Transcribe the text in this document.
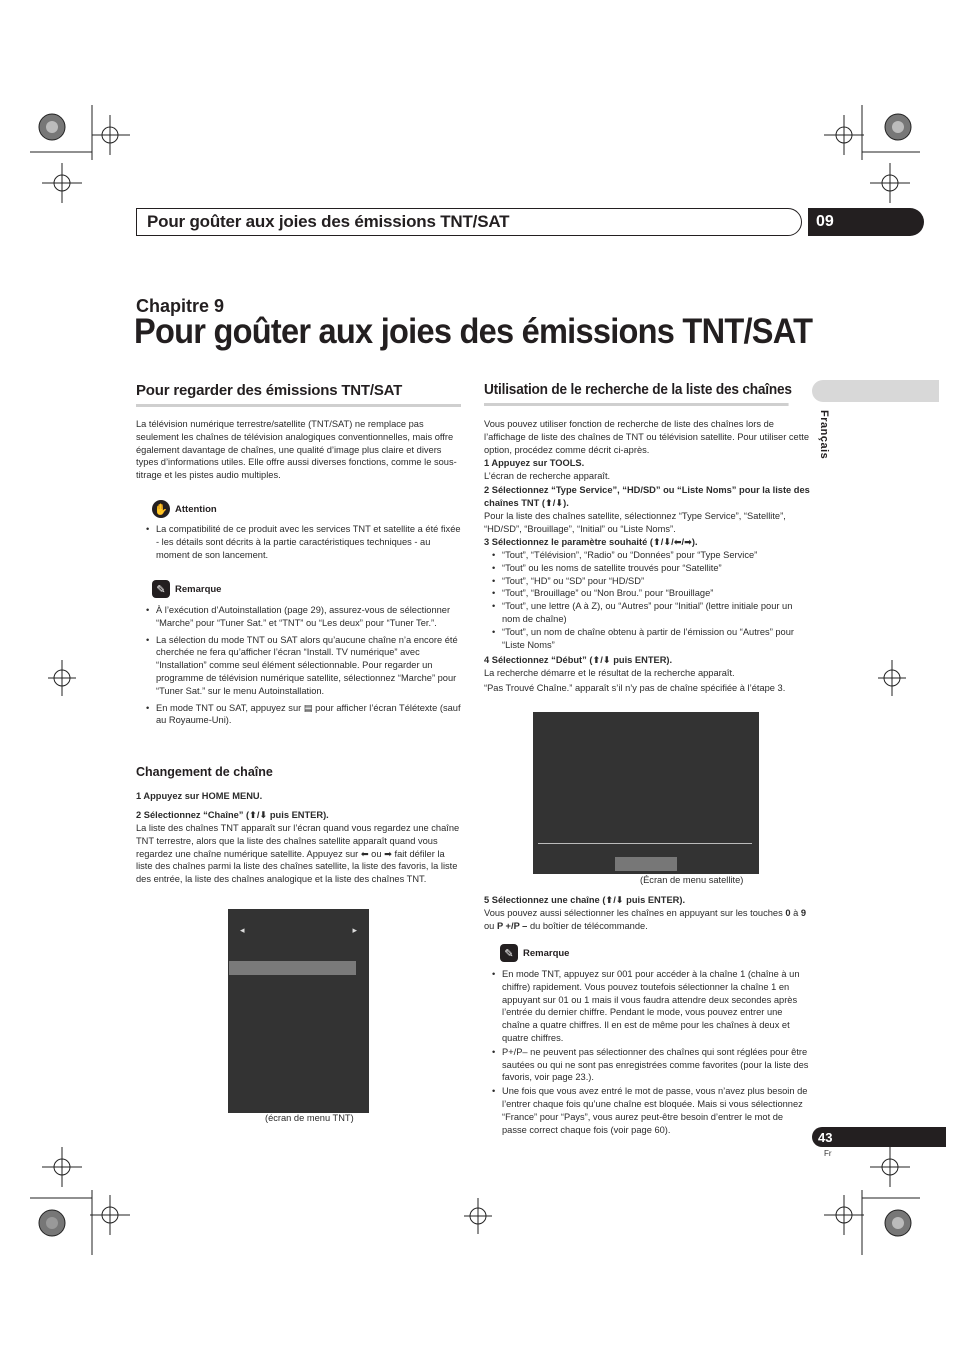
Pour goûter aux joies des émissions TNT/SAT	09
Chapitre 9
Pour goûter aux joies des émissions TNT/SAT
Français
Pour regarder des émissions TNT/SAT
La télévision numérique terrestre/satellite (TNT/SAT) ne remplace pas seulement les chaînes de télévision analogiques conventionnelles, mais offre également davantage de chaînes, une qualité d’image plus claire et divers types d’informations utiles. Elle offre aussi diverses fonctions, comme le sous-titrage et les pistes audio multiples.
✋ Attention
• La compatibilité de ce produit avec les services TNT et satellite a été fixée - les détails sont décrits à la partie caractéristiques techniques - au moment de son lancement.
✎ Remarque
• À l’exécution d’Autoinstallation (page 29), assurez-vous de sélectionner “Marche” pour “Tuner Sat.” et “TNT” ou “Les deux” pour “Tuner Ter.”.
• La sélection du mode TNT ou SAT alors qu’aucune chaîne n’a encore été cherchée ne fera qu’afficher l’écran “Install. TV numérique” avec “Installation” comme seul élément sélectionnable. Pour regarder un programme de télévision numérique satellite, sélectionnez “Marche” pour “Tuner Sat.” sur le menu Autoinstallation.
• En mode TNT ou SAT, appuyez sur ▤ pour afficher l’écran Télétexte (sauf au Royaume-Uni).
Changement de chaîne
1 Appuyez sur HOME MENU.
2 Sélectionnez “Chaîne” (⬆/⬇ puis ENTER).
La liste des chaînes TNT apparaît sur l’écran quand vous regardez une chaîne TNT terrestre, alors que la liste des chaînes satellite apparaît quand vous regardez une chaîne numérique satellite. Appuyez sur ⬅ ou ➡ fait défiler la liste des chaînes parmi la liste des chaînes satellite, la liste des favoris, la liste des entrée, la liste des chaînes analogique et la liste des chaînes TNT.
◂	▸
(écran de menu TNT)
Utilisation de le recherche de la liste des chaînes
Vous pouvez utiliser fonction de recherche de liste des chaînes lors de l’affichage de liste des chaînes de TNT ou télévision satellite. Pour utiliser cette option, procédez comme décrit ci-après.
1 Appuyez sur TOOLS.
L’écran de recherche apparaît.
2 Sélectionnez “Type Service”, “HD/SD” ou “Liste Noms” pour la liste des chaînes TNT (⬆/⬇).
Pour la liste des chaînes satellite, sélectionnez “Type Service”, “Satellite”, “HD/SD”, “Brouillage”, “Initial” ou “Liste Noms”.
3 Sélectionnez le paramètre souhaité (⬆/⬇/⬅/➡).
• “Tout”, “Télévision”, “Radio” ou “Données” pour “Type Service”
• “Tout” ou les noms de satellite trouvés pour “Satellite”
• “Tout”, “HD” ou “SD” pour “HD/SD”
• “Tout”, “Brouillage” ou “Non Brou.” pour “Brouillage”
• “Tout”, une lettre (A à Z), ou “Autres” pour “Initial” (lettre initiale pour un nom de chaîne)
• “Tout”, un nom de chaîne obtenu à partir de l’émission ou “Autres” pour “Liste Noms”
4 Sélectionnez “Début” (⬆/⬇ puis ENTER).
La recherche démarre et le résultat de la recherche apparaît.
“Pas Trouvé Chaîne.” apparaît s’il n’y pas de chaîne spécifiée à l’étape 3.
(Écran de menu satellite)
5 Sélectionnez une chaîne (⬆/⬇ puis ENTER).
Vous pouvez aussi sélectionner les chaînes en appuyant sur les touches 0 à 9 ou P +/P – du boîtier de télécommande.
✎ Remarque
• En mode TNT, appuyez sur 001 pour accéder à la chaîne 1 (chaîne à un chiffre) rapidement. Vous pouvez toutefois sélectionner la chaîne 1 en appuyant sur 01 ou 1 mais il vous faudra attendre deux secondes après l’entrée du dernier chiffre. Pendant le mode, vous pouvez entrer une chaîne a quatre chiffres. Il en est de même pour les chaînes à deux et quatre chiffres.
• P+/P– ne peuvent pas sélectionner des chaînes qui sont réglées pour être sautées ou qui ne sont pas enregistrées comme favorites (pour la liste des favoris, voir page 23.).
• Une fois que vous avez entré le mot de passe, vous n’avez plus besoin de l’entrer chaque fois qu’une chaîne est bloquée. Mais si vous sélectionnez “France” pour “Pays”, vous aurez peut-être besoin d’entrer le mot de passe correct chaque fois (voir page 60).	43
Fr
